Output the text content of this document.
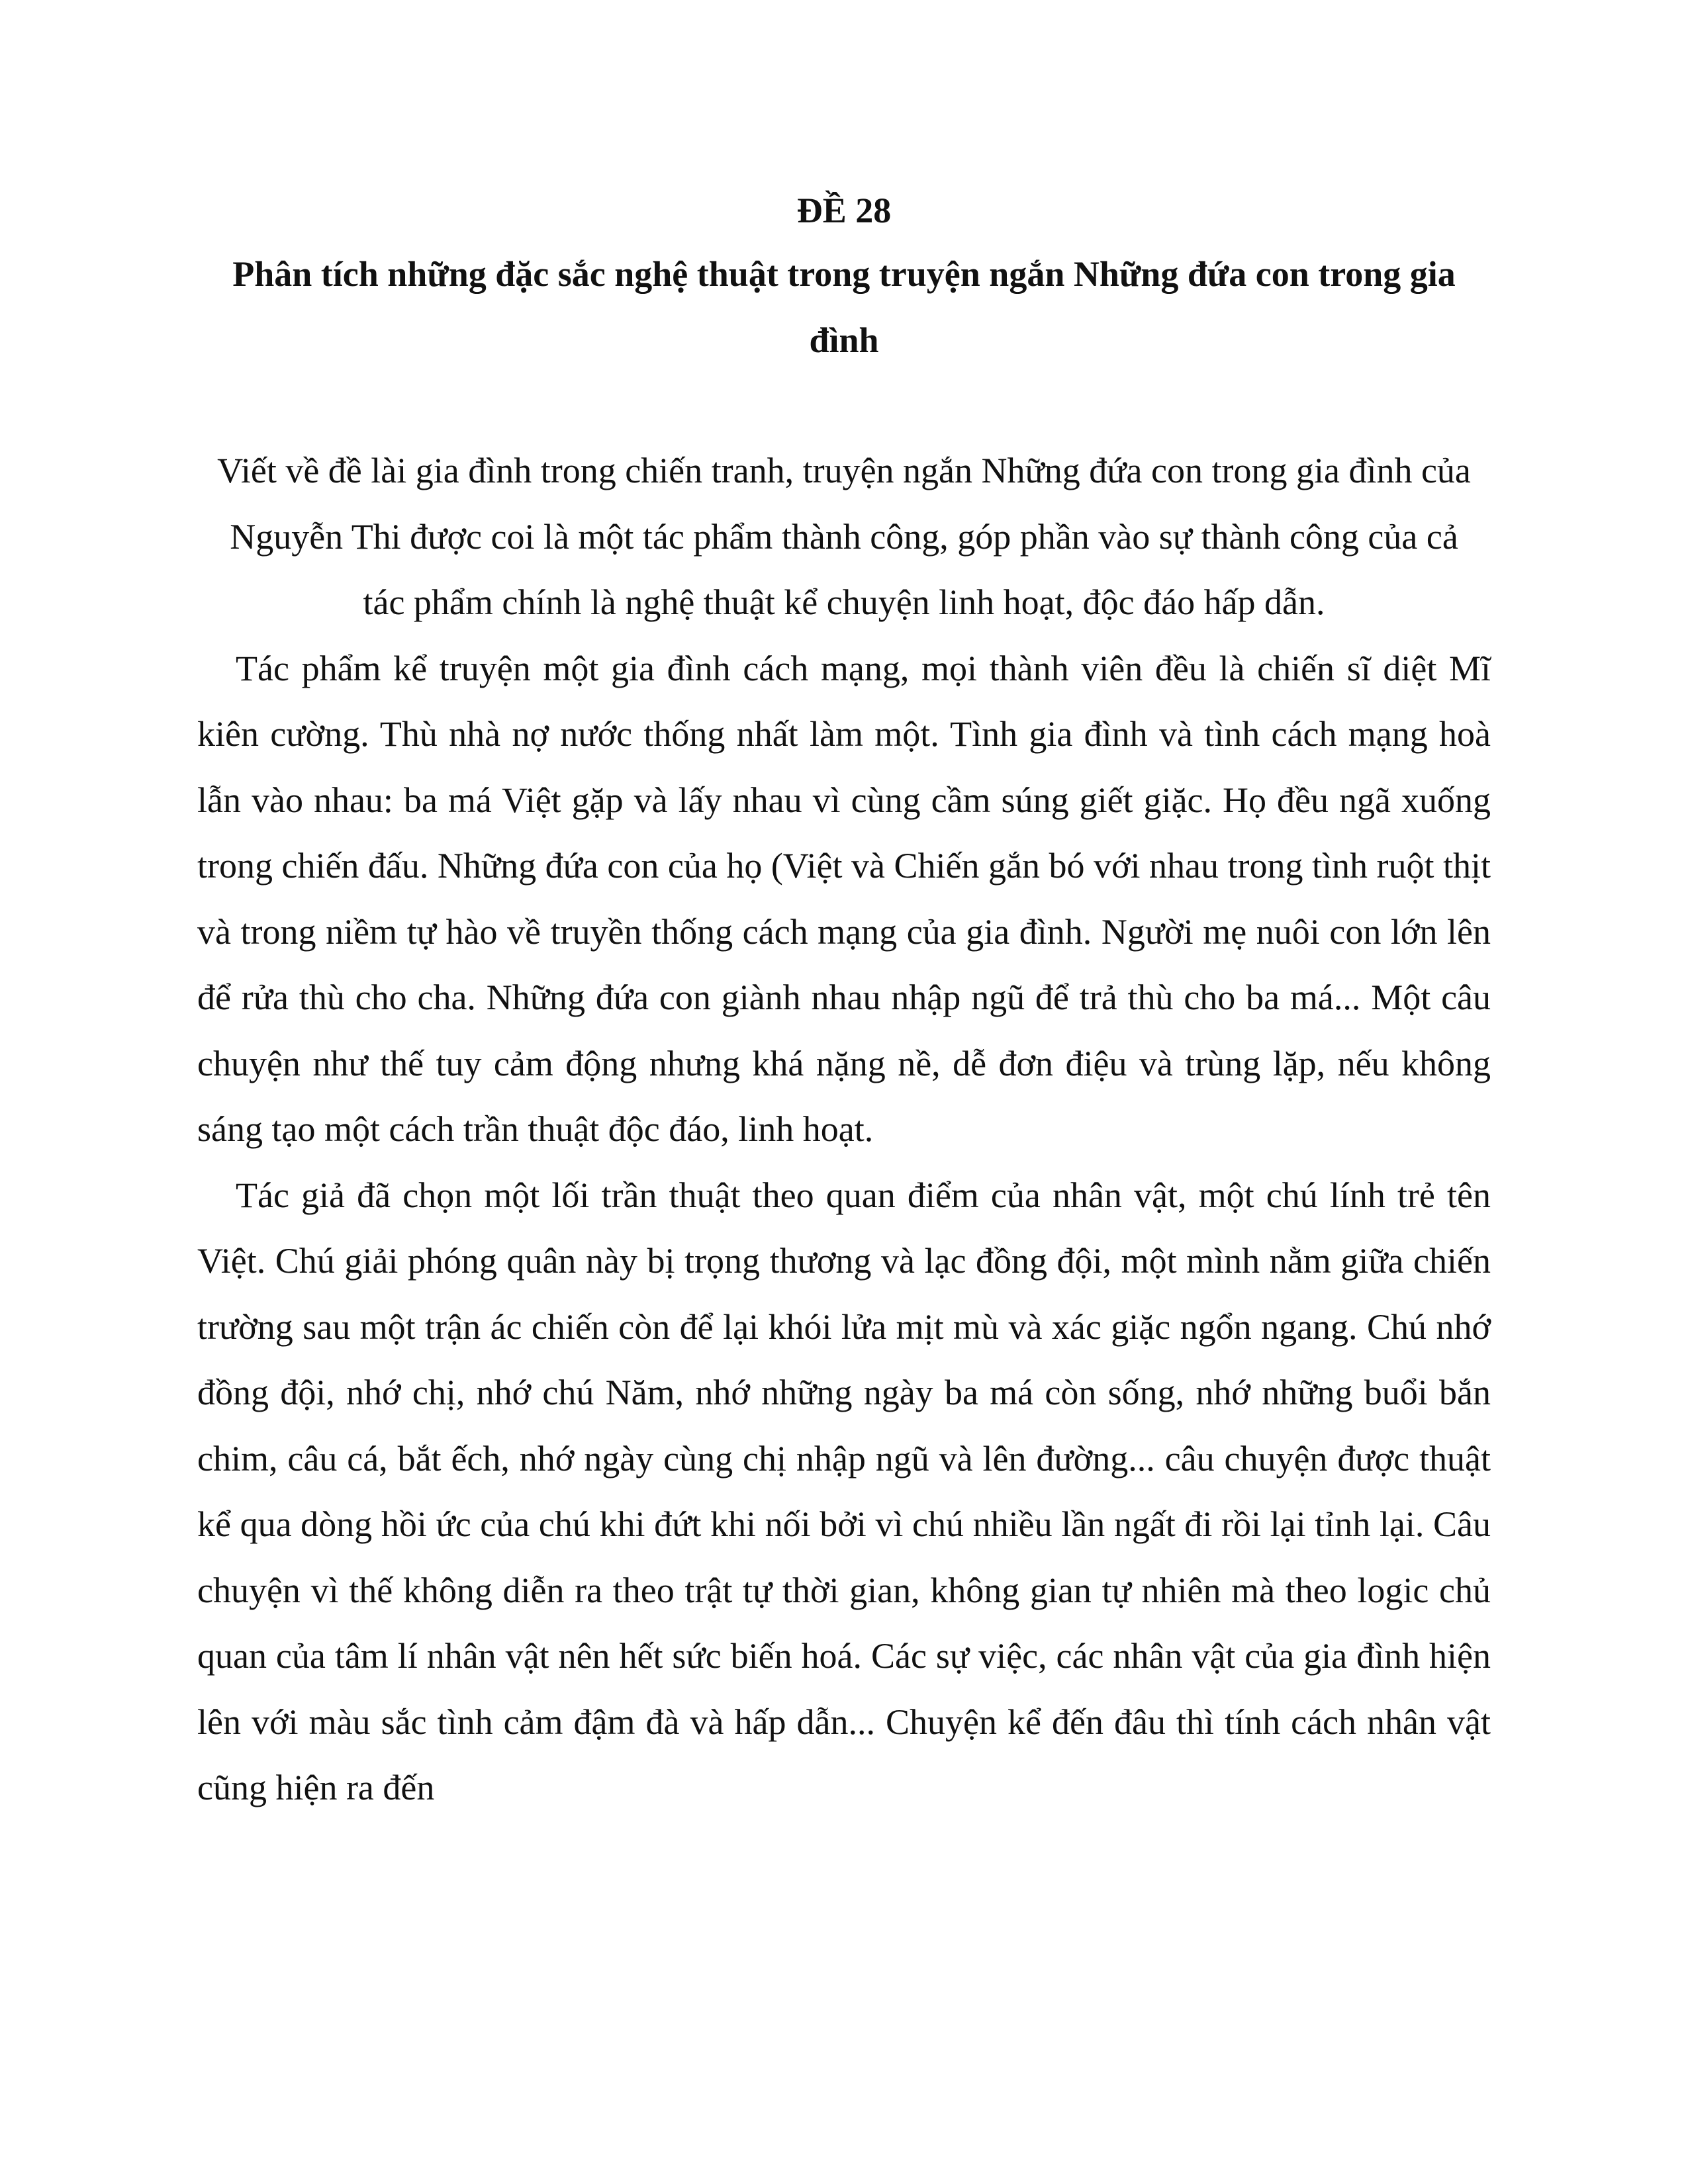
ĐỀ 28
Phân tích những đặc sắc nghệ thuật trong truyện ngắn Những đứa con trong gia đình

Viết về đề lài gia đình trong chiến tranh, truyện ngắn Những đứa con trong gia đình của Nguyễn Thi được coi là một tác phẩm thành công, góp phần vào sự thành công của cả tác phẩm chính là nghệ thuật kể chuyện linh hoạt, độc đáo hấp dẫn.

Tác phẩm kể truyện một gia đình cách mạng, mọi thành viên đều là chiến sĩ diệt Mĩ kiên cường. Thù nhà nợ nước thống nhất làm một. Tình gia đình và tình cách mạng hoà lẫn vào nhau: ba má Việt gặp và lấy nhau vì cùng cầm súng giết giặc. Họ đều ngã xuống trong chiến đấu. Những đứa con của họ (Việt và Chiến gắn bó với nhau trong tình ruột thịt và trong niềm tự hào về truyền thống cách mạng của gia đình. Người mẹ nuôi con lớn lên để rửa thù cho cha. Những đứa con giành nhau nhập ngũ để trả thù cho ba má... Một câu chuyện như thế tuy cảm động nhưng khá nặng nề, dễ đơn điệu và trùng lặp, nếu không sáng tạo một cách trần thuật độc đáo, linh hoạt.

Tác giả đã chọn một lối trần thuật theo quan điểm của nhân vật, một chú lính trẻ tên Việt. Chú giải phóng quân này bị trọng thương và lạc đồng đội, một mình nằm giữa chiến trường sau một trận ác chiến còn để lại khói lửa mịt mù và xác giặc ngổn ngang. Chú nhớ đồng đội, nhớ chị, nhớ chú Năm, nhớ những ngày ba má còn sống, nhớ những buổi bắn chim, câu cá, bắt ếch, nhớ ngày cùng chị nhập ngũ và lên đường... câu chuyện được thuật kể qua dòng hồi ức của chú khi đứt khi nối bởi vì chú nhiều lần ngất đi rồi lại tỉnh lại. Câu chuyện vì thế không diễn ra theo trật tự thời gian, không gian tự nhiên mà theo logic chủ quan của tâm lí nhân vật nên hết sức biến hoá. Các sự việc, các nhân vật của gia đình hiện lên với màu sắc tình cảm đậm đà và hấp dẫn... Chuyện kể đến đâu thì tính cách nhân vật cũng hiện ra đến
